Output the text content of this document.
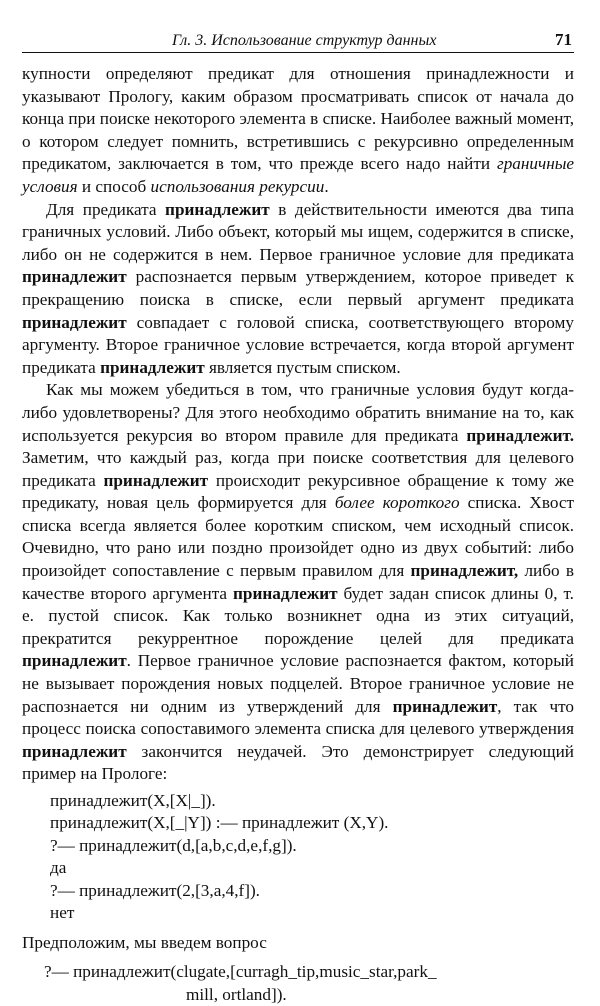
Гл. 3. Использование структур данных	71

купности определяют предикат для отношения принадлежности и указывают Прологу, каким образом просматривать список от начала до конца при поиске некоторого элемента в списке. Наиболее важный момент, о котором следует помнить, встретившись с рекурсивно определенным предикатом, заключается в том, что прежде всего надо найти граничные условия и способ использования рекурсии.

Для предиката принадлежит в действительности имеются два типа граничных условий. Либо объект, который мы ищем, содержится в списке, либо он не содержится в нем. Первое граничное условие для предиката принадлежит распознается первым утверждением, которое приведет к прекращению поиска в списке, если первый аргумент предиката принадлежит совпадает с головой списка, соответствующего второму аргументу. Второе граничное условие встречается, когда второй аргумент предиката принадлежит является пустым списком.

Как мы можем убедиться в том, что граничные условия будут когда-либо удовлетворены? Для этого необходимо обратить внимание на то, как используется рекурсия во втором правиле для предиката принадлежит. Заметим, что каждый раз, когда при поиске соответствия для целевого предиката принадлежит происходит рекурсивное обращение к тому же предикату, новая цель формируется для более короткого списка. Хвост списка всегда является более коротким списком, чем исходный список. Очевидно, что рано или поздно произойдет одно из двух событий: либо произойдет сопоставление с первым правилом для принадлежит, либо в качестве второго аргумента принадлежит будет задан список длины 0, т. е. пустой список. Как только возникнет одна из этих ситуаций, прекратится рекуррентное порождение целей для предиката принадлежит. Первое граничное условие распознается фактом, который не вызывает порождения новых подцелей. Второе граничное условие не распознается ни одним из утверждений для принадлежит, так что процесс поиска сопоставимого элемента списка для целевого утверждения принадлежит закончится неудачей. Это демонстрирует следующий пример на Прологе:

принадлежит(X,[X|_]).
принадлежит(X,[_|Y]) :— принадлежит (X,Y).
?— принадлежит(d,[a,b,c,d,e,f,g]).
да
?— принадлежит(2,[3,a,4,f]).
нет
Предположим, мы введем вопрос
?— принадлежит(clugate,[curragh_tip,music_star,park_
mill, ortland]).
